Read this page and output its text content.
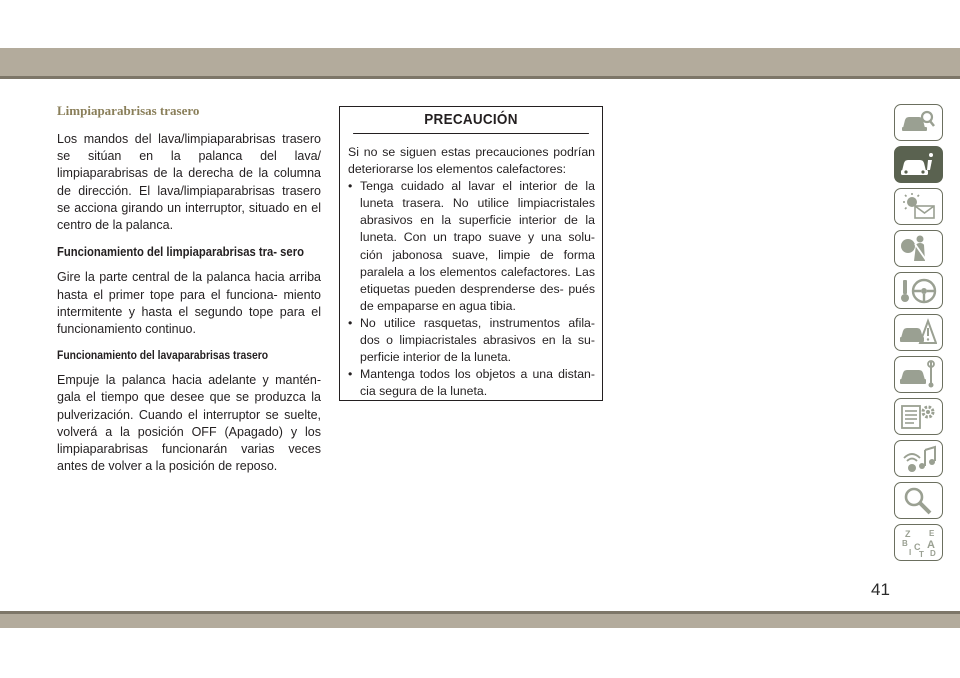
Limpiaparabrisas trasero

Los mandos del lava/limpiaparabrisas trasero se sitúan en la palanca del lava/ limpiaparabrisas de la derecha de la columna de dirección. El lava/limpiaparabrisas trasero se acciona girando un interruptor, situado en el centro de la palanca.

Funcionamiento del limpiaparabrisas tra- sero

Gire la parte central de la palanca hacia arriba hasta el primer tope para el funciona- miento intermitente y hasta el segundo tope para el funcionamiento continuo.

Funcionamiento del lavaparabrisas trasero

Empuje la palanca hacia adelante y mantén- gala el tiempo que desee que se produzca la pulverización. Cuando el interruptor se suelte, volverá a la posición OFF (Apagado) y los limpiaparabrisas funcionarán varias veces antes de volver a la posición de reposo.

PRECAUCIÓN
Si no se siguen estas precauciones podrían deteriorarse los elementos calefactores:
• Tenga cuidado al lavar el interior de la luneta trasera. No utilice limpiacristales abrasivos en la superficie interior de la luneta. Con un trapo suave y una solu- ción jabonosa suave, limpie de forma paralela a los elementos calefactores. Las etiquetas pueden desprenderse des- pués de empaparse en agua tibia.
• No utilice rasquetas, instrumentos afila- dos o limpiacristales abrasivos en la su- perficie interior de la luneta.
• Mantenga todos los objetos a una distan- cia segura de la luneta.
Z E
B A
I
C
D
T
41
